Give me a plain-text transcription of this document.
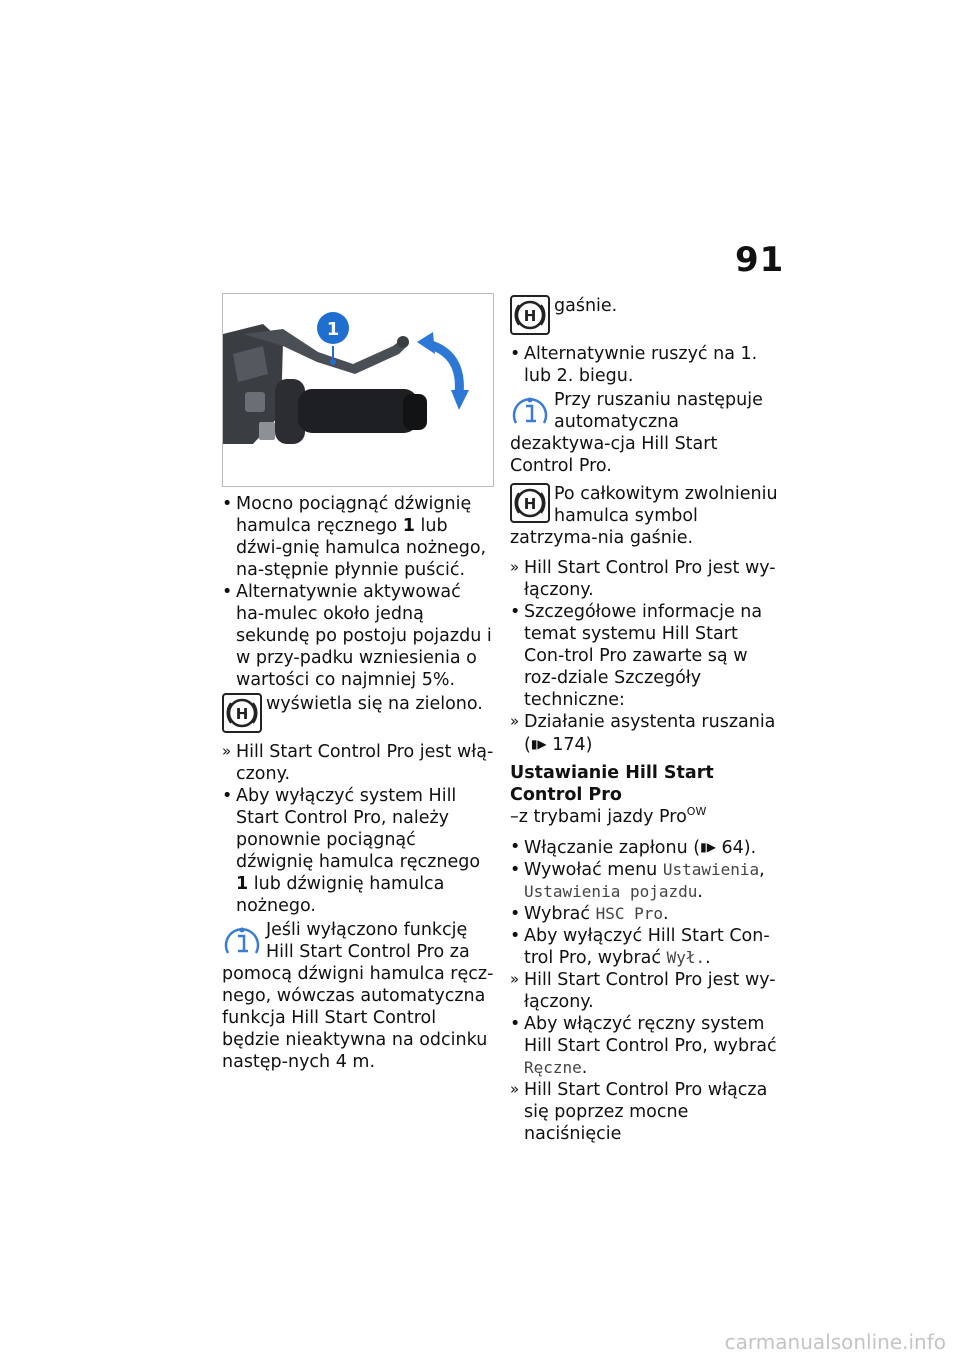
91
1
• Mocno pociągnąć dźwignię hamulca ręcznego 1 lub dźwi-gnię hamulca nożnego, na-stępnie płynnie puścić.
• Alternatywnie aktywować ha-mulec około jedną sekundę po postoju pojazdu i w przy-padku wzniesienia o wartości co najmniej 5%.
H wyświetla się na zielono.
» Hill Start Control Pro jest włą-czony.
• Aby wyłączyć system Hill Start Control Pro, należy ponownie pociągnąć dźwignię hamulca ręcznego 1 lub dźwignię hamulca nożnego.
Jeśli wyłączono funkcję Hill Start Control Pro za pomocą dźwigni hamulca ręcz-nego, wówczas automatyczna funkcja Hill Start Control będzie nieaktywna na odcinku następ-nych 4 m.
H gaśnie.
• Alternatywnie ruszyć na 1. lub 2. biegu.
Przy ruszaniu następuje automatyczna dezaktywa-cja Hill Start Control Pro.
H Po całkowitym zwolnieniu hamulca symbol zatrzyma-nia gaśnie.
» Hill Start Control Pro jest wy-łączony.
• Szczegółowe informacje na temat systemu Hill Start Con-trol Pro zawarte są w roz-dziale Szczegóły techniczne:
» Działanie asystenta ruszania
(▮▶ 174)
Ustawianie Hill Start Control Pro
–z trybami jazdy Pro$^{OW}$
• Włączanie zapłonu (▮▶ 64).
• Wywołać menu Ustawienia,
Ustawienia pojazdu.
• Wybrać HSC Pro.
• Aby wyłączyć Hill Start Con-trol Pro, wybrać Wył..
» Hill Start Control Pro jest wy-łączony.
• Aby włączyć ręczny system Hill Start Control Pro, wybrać
Ręczne.
» Hill Start Control Pro włącza się poprzez mocne naciśnięcie
carmanualsonline.info
